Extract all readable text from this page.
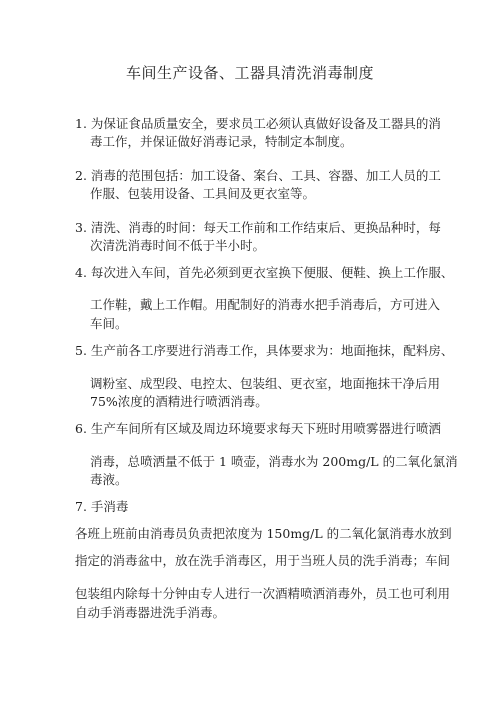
车间生产设备、工器具清洗消毒制度
1. 为保证食品质量安全，要求员工必须认真做好设备及工器具的消
毒工作，并保证做好消毒记录，特制定本制度。
2. 消毒的范围包括：加工设备、案台、工具、容器、加工人员的工
作服、包装用设备、工具间及更衣室等。
3. 清洗、消毒的时间：每天工作前和工作结束后、更换品种时，每
次清洗消毒时间不低于半小时。
4. 每次进入车间，首先必须到更衣室换下便服、便鞋、换上工作服、
工作鞋，戴上工作帽。用配制好的消毒水把手消毒后，方可进入
车间。
5. 生产前各工序要进行消毒工作，具体要求为：地面拖抹，配料房、
调粉室、成型段、电控太、包装组、更衣室，地面拖抹干净后用
75%浓度的酒精进行喷洒消毒。
6. 生产车间所有区域及周边环境要求每天下班时用喷雾器进行喷洒
消毒，总喷洒量不低于 1 喷壶，消毒水为 200mg/L 的二氧化氯消
毒液。
7. 手消毒
各班上班前由消毒员负责把浓度为 150mg/L 的二氧化氯消毒水放到
指定的消毒盆中，放在洗手消毒区，用于当班人员的洗手消毒；车间
包装组内除每十分钟由专人进行一次酒精喷洒消毒外，员工也可利用
自动手消毒器进洗手消毒。
